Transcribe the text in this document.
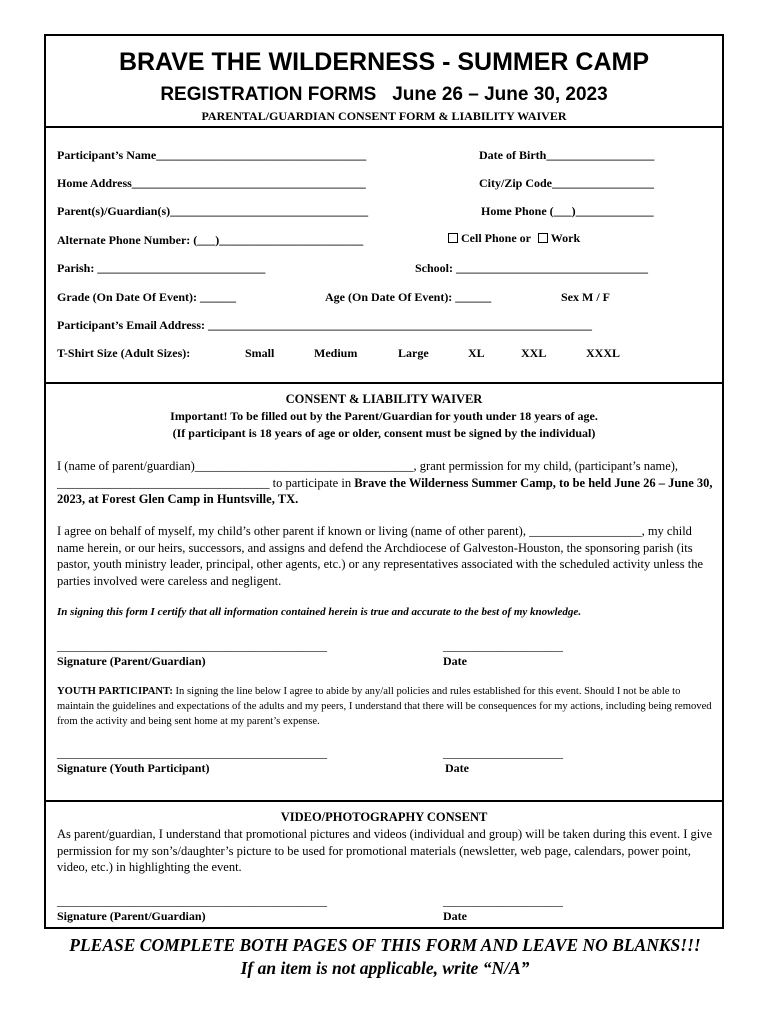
BRAVE THE WILDERNESS - SUMMER CAMP
REGISTRATION FORMS June 26 – June 30, 2023
PARENTAL/GUARDIAN CONSENT FORM & LIABILITY WAIVER
Participant’s Name___________________________________	Date of Birth__________________
Home Address_______________________________________	City/Zip Code_________________
Parent(s)/Guardian(s)_________________________________	Home Phone (___)_____________
Alternate Phone Number: (___)________________________	Cell Phone or Work
Parish: ____________________________	School: ________________________________
Grade (On Date Of Event): ______	Age (On Date Of Event): ______	Sex M / F
Participant’s Email Address: ________________________________________________________________
T-Shirt Size (Adult Sizes):	Small	Medium	Large	XL	XXL	XXXL
CONSENT & LIABILITY WAIVER
Important! To be filled out by the Parent/Guardian for youth under 18 years of age.
(If participant is 18 years of age or older, consent must be signed by the individual)
I (name of parent/guardian)___________________________________, grant permission for my child, (participant’s name), __________________________________ to participate in Brave the Wilderness Summer Camp, to be held June 26 – June 30, 2023, at Forest Glen Camp in Huntsville, TX.
I agree on behalf of myself, my child’s other parent if known or living (name of other parent), __________________, my child name herein, or our heirs, successors, and assigns and defend the Archdiocese of Galveston-Houston, the sponsoring parish (its pastor, youth ministry leader, principal, other agents, etc.) or any representatives associated with the scheduled activity unless the parties involved were careless and negligent.
In signing this form I certify that all information contained herein is true and accurate to the best of my knowledge.
_____________________________________________	____________________
Signature (Parent/Guardian)	Date
YOUTH PARTICIPANT: In signing the line below I agree to abide by any/all policies and rules established for this event. Should I not be able to maintain the guidelines and expectations of the adults and my peers, I understand that there will be consequences for my actions, including being removed from the activity and being sent home at my parent’s expense.
_____________________________________________	____________________
Signature (Youth Participant)	Date
VIDEO/PHOTOGRAPHY CONSENT
As parent/guardian, I understand that promotional pictures and videos (individual and group) will be taken during this event. I give permission for my son’s/daughter’s picture to be used for promotional materials (newsletter, web page, calendars, power point, video, etc.) in highlighting the event.
_____________________________________________	____________________
Signature (Parent/Guardian)	Date
PLEASE COMPLETE BOTH PAGES OF THIS FORM AND LEAVE NO BLANKS!!!
If an item is not applicable, write “N/A”
